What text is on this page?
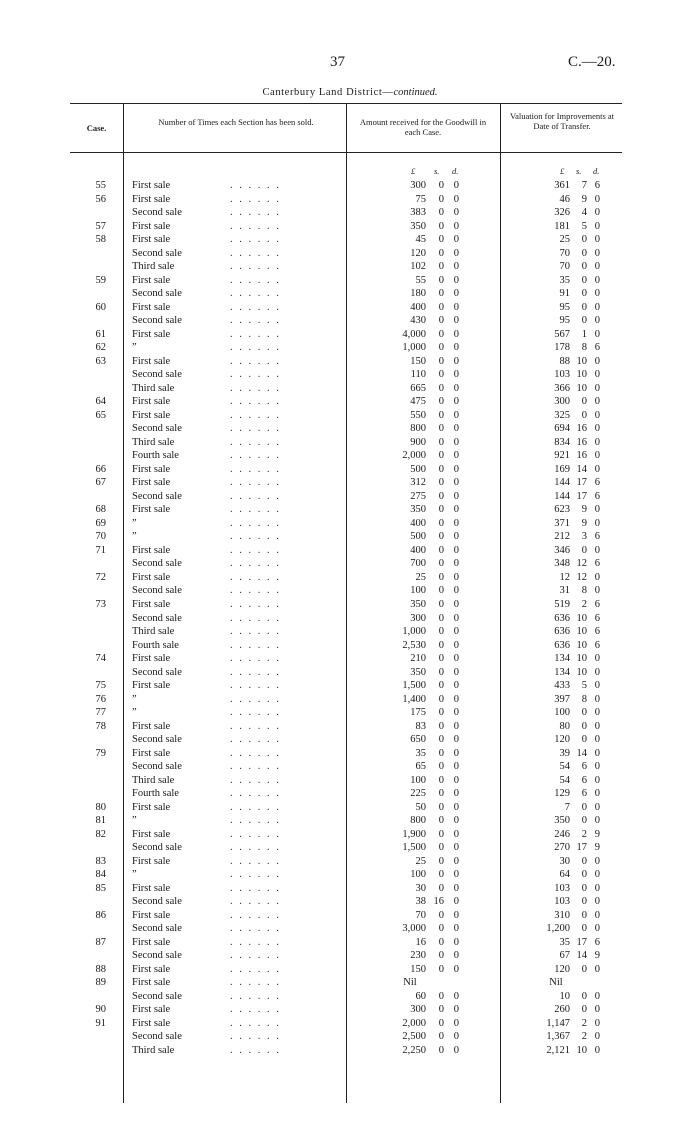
37	C.—20.
Canterbury Land District—continued.
Case.
Number of Times each Section has been sold.	Amount received for the Goodwill in each Case.
Valuation for Improvements at Date of Transfer.
£ s. d.	£ s. d.
55 First sale	. . . . . .	300	0 0	361	7 6
56 First sale	. . . . . .	75	0 0	46	9 0
Second sale	. . . . . .	383	0 0	326	4 0
57 First sale	. . . . . .	350	0 0	181	5 0
58 First sale	. . . . . .	45	0 0	25	0 0
Second sale	. . . . . .	120	0 0	70	0 0
Third sale	. . . . . .	102	0 0	70	0 0
59 First sale	. . . . . .	55	0 0	35	0 0
Second sale	. . . . . .	180	0 0	91	0 0
60 First sale	. . . . . .	400	0 0	95	0 0
Second sale	. . . . . .	430	0 0	95	0 0
61 First sale	. . . . . .	4,000	0 0	567	1 0
62 ”	. . . . . .	1,000	0 0	178	8 6
63 First sale	. . . . . .	150	0 0	88 10 0
Second sale	. . . . . .	110	0 0	103 10 0
Third sale	. . . . . .	665	0 0	366 10 0
64 First sale	. . . . . .	475	0 0	300	0 0
65 First sale	. . . . . .	550	0 0	325	0 0
Second sale	. . . . . .	800	0 0	694 16 0
Third sale	. . . . . .	900	0 0	834 16 0
Fourth sale	. . . . . .	2,000	0 0	921 16 0
66 First sale	. . . . . .	500	0 0	169 14 0
67 First sale	. . . . . .	312	0 0	144 17 6
Second sale	. . . . . .	275	0 0	144 17 6
68 First sale	. . . . . .	350	0 0	623	9 0
69 ”	. . . . . .	400	0 0	371	9 0
70 ”	. . . . . .	500	0 0	212	3 6
71 First sale	. . . . . .	400	0 0	346	0 0
Second sale	. . . . . .	700	0 0	348 12 6
72 First sale	. . . . . .	25	0 0	12 12 0
Second sale	. . . . . .	100	0 0	31	8 0
73 First sale	. . . . . .	350	0 0	519	2 6
Second sale	. . . . . .	300	0 0	636 10 6
Third sale	. . . . . .	1,000	0 0	636 10 6
Fourth sale	. . . . . .	2,530	0 0	636 10 6
74 First sale	. . . . . .	210	0 0	134 10 0
Second sale	. . . . . .	350	0 0	134 10 0
75 First sale	. . . . . .	1,500	0 0	433	5 0
76 ”	. . . . . .	1,400	0 0	397	8 0
77 ”	. . . . . .	175	0 0	100	0 0
78 First sale	. . . . . .	83	0 0	80	0 0
Second sale	. . . . . .	650	0 0	120	0 0
79 First sale	. . . . . .	35	0 0	39 14 0
Second sale	. . . . . .	65	0 0	54	6 0
Third sale	. . . . . .	100	0 0	54	6 0
Fourth sale	. . . . . .	225	0 0	129	6 0
80 First sale	. . . . . .	50	0 0	7	0 0
81 ”	. . . . . .	800	0 0	350	0 0
82 First sale	. . . . . .	1,900	0 0	246	2 9
Second sale	. . . . . .	1,500	0 0	270 17 9
83 First sale	. . . . . .	25	0 0	30	0 0
84 ”	. . . . . .	100	0 0	64	0 0
85 First sale	. . . . . .	30	0 0	103	0 0
Second sale	. . . . . .	38 16 0	103	0 0
86 First sale	. . . . . .	70	0 0	310	0 0
Second sale	. . . . . .	3,000	0 0	1,200	0 0
87 First sale	. . . . . .	16	0 0	35 17 6
Second sale	. . . . . .	230	0 0	67 14 9
88 First sale	. . . . . .	150	0 0	120	0 0
89 First sale	. . . . . .	Nil	Nil
Second sale	. . . . . .	60	0 0	10	0 0
90 First sale	. . . . . .	300	0 0	260	0 0
91 First sale	. . . . . .	2,000	0 0	1,147	2 0
Second sale	. . . . . .	2,500	0 0	1,367	2 0
Third sale	. . . . . .	2,250	0 0	2,121 10 0
